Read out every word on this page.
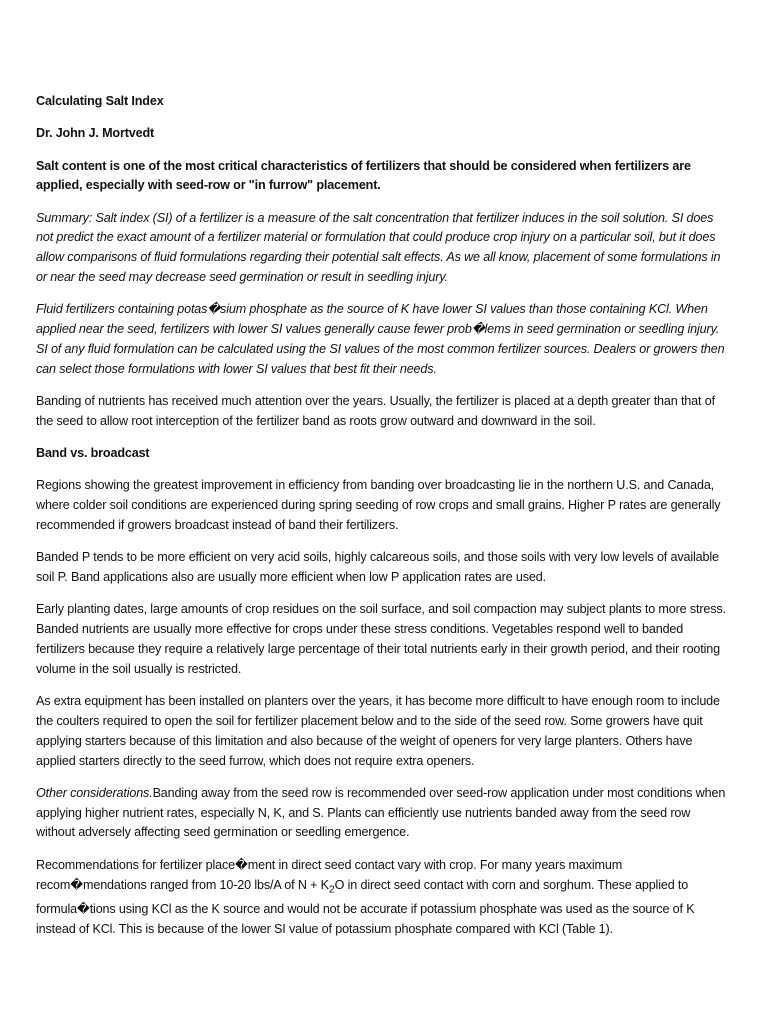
Calculating Salt Index

Dr. John J. Mortvedt

Salt content is one of the most critical characteristics of fertilizers that should be considered when fertilizers are applied, especially with seed-row or "in furrow" placement.

Summary: Salt index (SI) of a fertilizer is a measure of the salt concentration that fertilizer induces in the soil solution. SI does not predict the exact amount of a fertilizer material or formulation that could produce crop injury on a particular soil, but it does allow comparisons of fluid formulations regarding their potential salt effects. As we all know, placement of some formulations in or near the seed may decrease seed germination or result in seedling injury.

Fluid fertilizers containing potas�sium phosphate as the source of K have lower SI values than those containing KCl. When applied near the seed, fertilizers with lower SI values generally cause fewer prob�lems in seed germination or seedling injury. SI of any fluid formulation can be calculated using the SI values of the most common fertilizer sources. Dealers or growers then can select those formulations with lower SI values that best fit their needs.

Banding of nutrients has received much attention over the years. Usually, the fertilizer is placed at a depth greater than that of the seed to allow root interception of the fertilizer band as roots grow outward and downward in the soil.

Band vs. broadcast

Regions showing the greatest improvement in efficiency from banding over broadcasting lie in the northern U.S. and Canada, where colder soil conditions are experienced during spring seeding of row crops and small grains. Higher P rates are generally recommended if growers broadcast instead of band their fertilizers.

Banded P tends to be more efficient on very acid soils, highly calcareous soils, and those soils with very low levels of available soil P. Band applications also are usually more efficient when low P application rates are used.

Early planting dates, large amounts of crop residues on the soil surface, and soil compaction may subject plants to more stress. Banded nutrients are usually more effective for crops under these stress conditions. Vegetables respond well to banded fertilizers because they require a relatively large percentage of their total nutrients early in their growth period, and their rooting volume in the soil usually is restricted.

As extra equipment has been installed on planters over the years, it has become more difficult to have enough room to include the coulters required to open the soil for fertilizer placement below and to the side of the seed row. Some growers have quit applying starters because of this limitation and also because of the weight of openers for very large planters. Others have applied starters directly to the seed furrow, which does not require extra openers.

Other considerations.Banding away from the seed row is recommended over seed-row application under most conditions when applying higher nutrient rates, especially N, K, and S. Plants can efficiently use nutrients banded away from the seed row without adversely affecting seed germination or seedling emergence.

Recommendations for fertilizer place�ment in direct seed contact vary with crop. For many years maximum recom�mendations ranged from 10-20 lbs/A of $N + K_2O$ in direct seed contact with corn and sorghum. These applied to formula�tions using KCl as the K source and would not be accurate if potassium phosphate was used as the source of K instead of KCl. This is because of the lower SI value of potassium phosphate compared with KCl (Table 1).
